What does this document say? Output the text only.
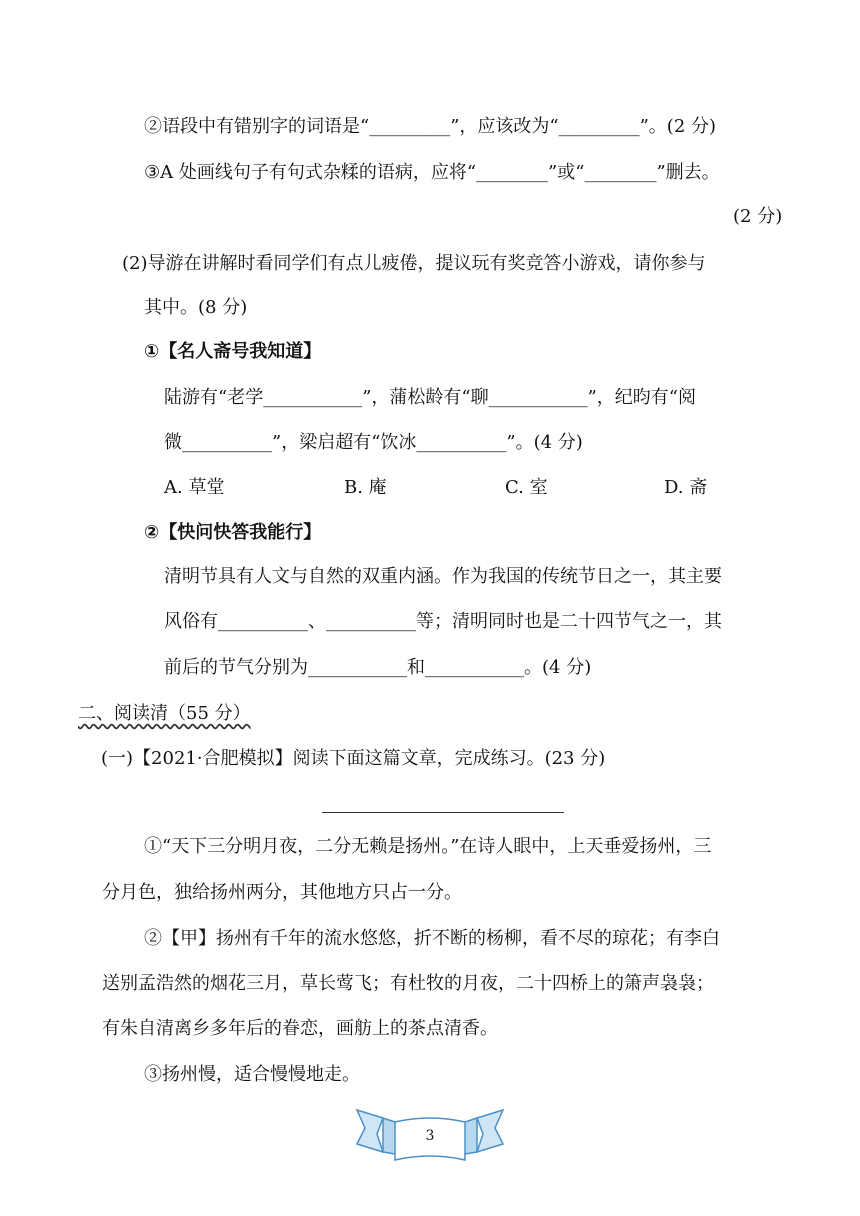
②语段中有错别字的词语是“_________”，应该改为“_________”。(2 分)
③A 处画线句子有句式杂糅的语病，应将“________”或“________”删去。
(2 分)
(2)导游在讲解时看同学们有点儿疲倦，提议玩有奖竞答小游戏，请你参与
其中。(8 分)
①【名人斋号我知道】
陆游有“老学___________”，蒲松龄有“聊___________”，纪昀有“阅
微__________”，梁启超有“饮冰__________”。(4 分)
A. 草堂	B. 庵	C. 室	D. 斋
②【快问快答我能行】
清明节具有人文与自然的双重内涵。作为我国的传统节日之一，其主要
风俗有__________、__________等；清明同时也是二十四节气之一，其
前后的节气分别为___________和___________。(4 分)
二、阅读清（55 分）
(一)【2021·合肥模拟】阅读下面这篇文章，完成练习。(23 分)
①“天下三分明月夜，二分无赖是扬州。”在诗人眼中，上天垂爱扬州，三
分月色，独给扬州两分，其他地方只占一分。
②【甲】扬州有千年的流水悠悠，折不断的杨柳，看不尽的琼花；有李白
送别孟浩然的烟花三月，草长莺飞；有杜牧的月夜，二十四桥上的箫声袅袅；
有朱自清离乡多年后的眷恋，画舫上的茶点清香。
③扬州慢，适合慢慢地走。
3
